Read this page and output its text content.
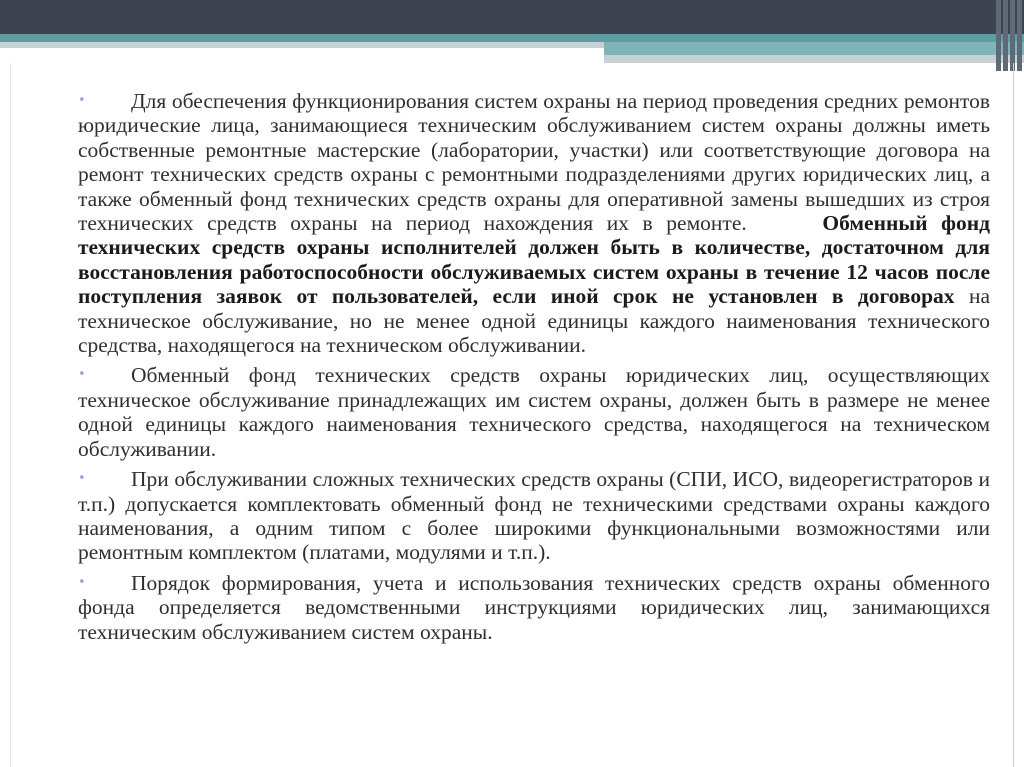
•	Для обеспечения функционирования систем охраны на период проведения средних ремонтов юридические лица, занимающиеся техническим обслуживанием систем охраны должны иметь собственные ремонтные мастерские (лаборатории, участки) или соответствующие договора на ремонт технических средств охраны с ремонтными подразделениями других юридических лиц, а также обменный фонд технических средств охраны для оперативной замены вышедших из строя технических средств охраны на период нахождения их в ремонте.	Обменный фонд технических средств охраны исполнителей должен быть в количестве, достаточном для восстановления работоспособности обслуживаемых систем охраны в течение 12 часов после поступления заявок от пользователей, если иной срок не установлен в договорах на техническое обслуживание, но не менее одной единицы каждого наименования технического средства, находящегося на техническом обслуживании.

•	Обменный фонд технических средств охраны юридических лиц, осуществляющих техническое обслуживание принадлежащих им систем охраны, должен быть в размере не менее одной единицы каждого наименования технического средства, находящегося на техническом обслуживании.

•	При обслуживании сложных технических средств охраны (СПИ, ИСО, видеорегистраторов и т.п.) допускается комплектовать обменный фонд не техническими средствами охраны каждого наименования, а одним типом с более широкими функциональными возможностями или ремонтным комплектом (платами, модулями и т.п.).

•	Порядок формирования, учета и использования технических средств охраны обменного фонда определяется ведомственными инструкциями юридических лиц, занимающихся техническим обслуживанием систем охраны.
